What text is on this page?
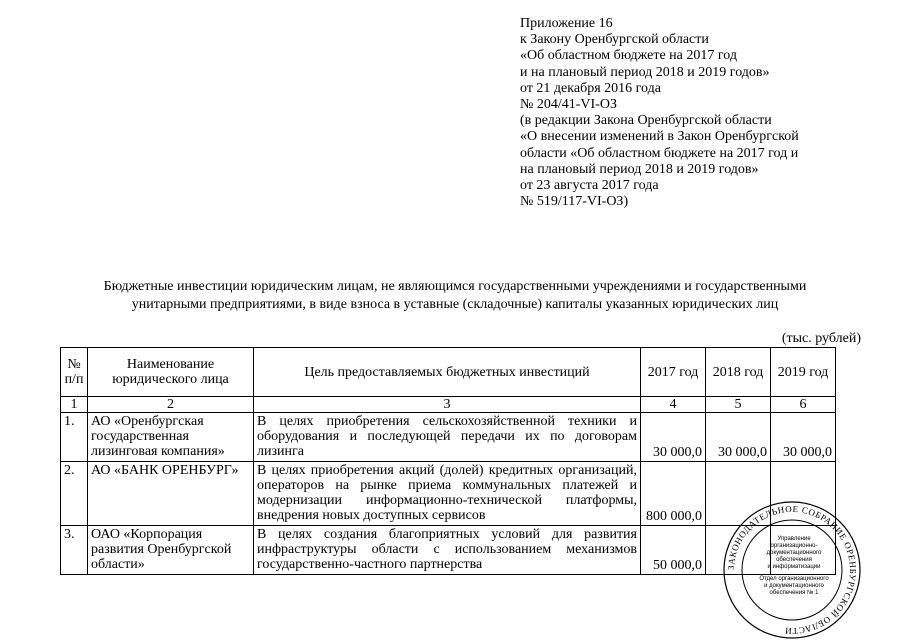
Приложение 16
к Закону Оренбургской области
«Об областном бюджете на 2017 год
и на плановый период 2018 и 2019 годов»
от 21 декабря 2016 года
№ 204/41-VI-ОЗ
(в редакции Закона Оренбургской области
«О внесении изменений в Закон Оренбургской
области «Об областном бюджете на 2017 год и
на плановый период 2018 и 2019 годов»
от 23 августа 2017 года
№ 519/117-VI-ОЗ)
Бюджетные инвестиции юридическим лицам, не являющимся государственными учреждениями и государственными
унитарными предприятиями, в виде взноса в уставные (складочные) капиталы указанных юридических лиц
(тыс. рублей)
№ п/п	Наименование юридического лица	Цель предоставляемых бюджетных инвестиций	2017 год	2018 год	2019 год
1	2	3	4	5	6
1.	АО «Оренбургская государственная лизинговая компания»	В целях приобретения сельскохозяйственной техники и оборудования и последующей передачи их по договорам лизинга	30 000,0	30 000,0	30 000,0
2.	АО «БАНК ОРЕНБУРГ»	В целях приобретения акций (долей) кредитных организаций, операторов на рынке приема коммунальных платежей и модернизации информационно-технической платформы, внедрения новых доступных сервисов	800 000,0		
3.	ОАО «Корпорация развития Оренбургской области»	В целях создания благоприятных условий для развития инфраструктуры области с использованием механизмов государственно-частного партнерства	50 000,0			ЗАКОНОДАТЕЛЬНОЕ СОБРАНИЕ ОРЕНБУРГСКОЙ ОБЛАСТИ
Управление
организационно-
документационного
обеспечения
и информатизации
Отдел организационного
и документационного
обеспечения № 1
